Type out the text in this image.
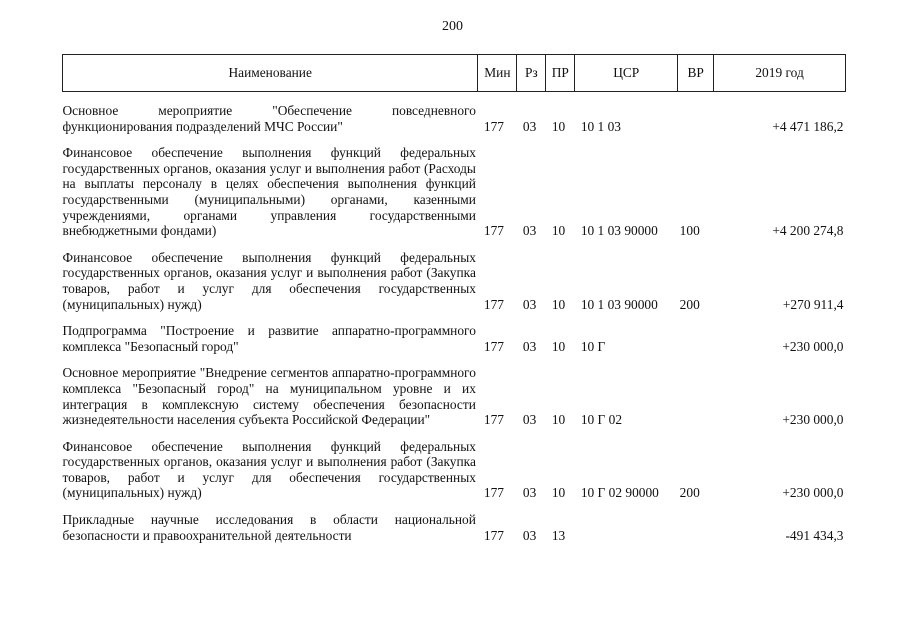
200
Наименование	Мин	Рз	ПР	ЦСР	ВР	2019 год
Основное мероприятие "Обеспечение повседневного функционирования подразделений МЧС России"	177	03	10	10 1 03		+4 471 186,2
Финансовое обеспечение выполнения функций федеральных государственных органов, оказания услуг и выполнения работ (Расходы на выплаты персоналу в целях обеспечения выполнения функций государственными (муниципальными) органами, казенными учреждениями, органами управления государственными внебюджетными фондами)	177	03	10	10 1 03 90000	100	+4 200 274,8
Финансовое обеспечение выполнения функций федеральных государственных органов, оказания услуг и выполнения работ (Закупка товаров, работ и услуг для обеспечения государственных (муниципальных) нужд)	177	03	10	10 1 03 90000	200	+270 911,4
Подпрограмма "Построение и развитие аппаратно-программного комплекса "Безопасный город"	177	03	10	10 Г		+230 000,0
Основное мероприятие "Внедрение сегментов аппаратно-программного комплекса "Безопасный город" на муниципальном уровне и их интеграция в комплексную систему обеспечения безопасности жизнедеятельности населения субъекта Российской Федерации"	177	03	10	10 Г 02		+230 000,0
Финансовое обеспечение выполнения функций федеральных государственных органов, оказания услуг и выполнения работ (Закупка товаров, работ и услуг для обеспечения государственных (муниципальных) нужд)	177	03	10	10 Г 02 90000	200	+230 000,0
Прикладные научные исследования в области национальной безопасности и правоохранительной деятельности	177	03	13			-491 434,3
